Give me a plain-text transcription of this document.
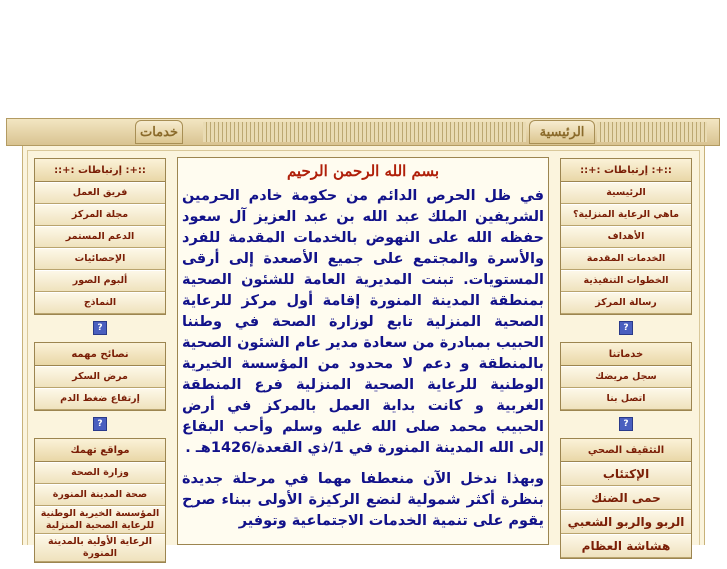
خدمات	الرئيسية
::+: إرتباطات :+::
الرئيسية
ماهي الرعاية المنزلية؟
الأهداف
الخدمات المقدمة
الخطوات التنفيذية
رسالة المركز
?
خدماتنا
سجل مريضك
اتصل بنا
?
التثقيف الصحي
الإكتئاب
حمى الضنك
الربو والربو الشعبي
هشاشة العظام
::+: إرتباطات :+::
فريق العمل
مجلة المركز
الدعم المستمر
الإحصائيات
ألبوم الصور
النماذج
?
نصائح مهمه
مرض السكر
إرتفاع ضغط الدم
?
مواقع تهمك
وزارة الصحة
صحة المدينة المنورة
المؤسسة الخيرية الوطنية للرعاية الصحية المنزلية
الرعاية الأولية بالمدينة المنورة
بسم الله الرحمن الرحيم

في ظل الحرص الدائم من حكومة خادم الحرمين الشريفين الملك عبد الله بن عبد العزيز آل سعود حفظه الله على النهوض بالخدمات المقدمة للفرد والأسرة والمجتمع على جميع الأصعدة إلى أرقى المستويات. تبنت المديرية العامة للشئون الصحية بمنطقة المدينة المنورة إقامة أول مركز للرعاية الصحية المنزلية تابع لوزارة الصحة في وطننا الحبيب بمبادرة من سعادة مدير عام الشئون الصحية بالمنطقة و دعم لا محدود من المؤسسة الخيرية الوطنية للرعاية الصحية المنزلية فرع المنطقة الغربية و كانت بداية العمل بالمركز في أرض الحبيب محمد صلى الله عليه وسلم وأحب البقاع إلى الله المدينة المنورة في 1/ذي القعدة/1426هـ .

وبهذا ندخل الآن منعطفا مهما في مرحلة جديدة بنظرة أكثر شمولية لنضع الركيزة الأولى ببناء صرح يقوم على تنمية الخدمات الاجتماعية وتوفير
